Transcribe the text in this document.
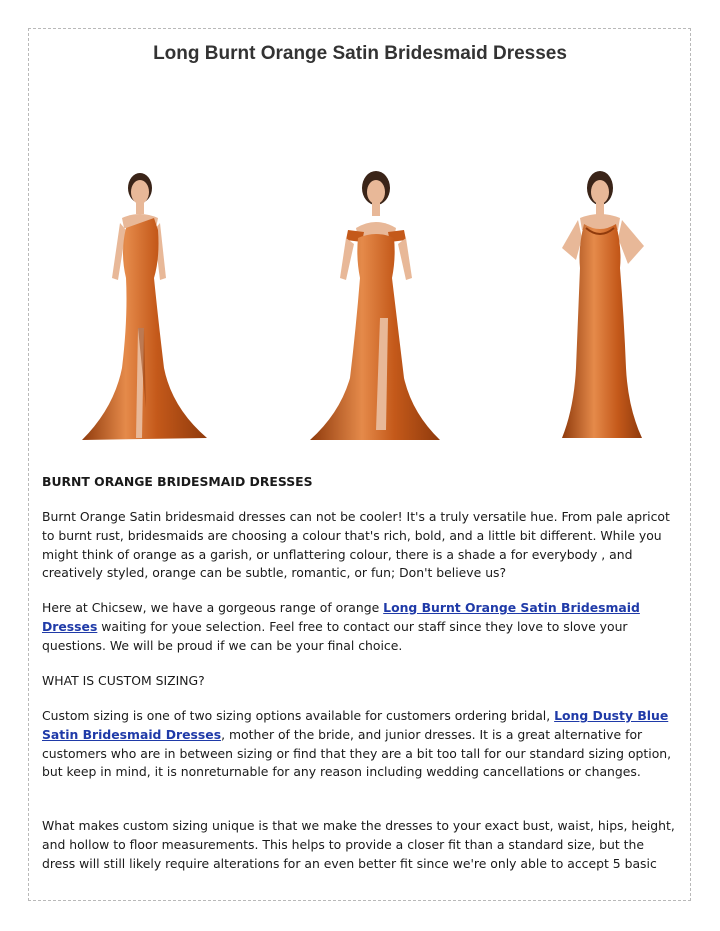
Long Burnt Orange Satin Bridesmaid Dresses
BURNT ORANGE BRIDESMAID DRESSES
Burnt Orange Satin bridesmaid dresses can not be cooler! It's a truly versatile hue. From pale apricot to burnt rust, bridesmaids are choosing a colour that's rich, bold, and a little bit different. While you might think of orange as a garish, or unflattering colour, there is a shade a for everybody , and creatively styled, orange can be subtle, romantic, or fun; Don't believe us?
Here at Chicsew, we have a gorgeous range of orange Long Burnt Orange Satin Bridesmaid Dresses waiting for youe selection. Feel free to contact our staff since they love to slove your questions. We will be proud if we can be your final choice.
WHAT IS CUSTOM SIZING?
Custom sizing is one of two sizing options available for customers ordering bridal, Long Dusty Blue Satin Bridesmaid Dresses, mother of the bride, and junior dresses. It is a great alternative for customers who are in between sizing or find that they are a bit too tall for our standard sizing option, but keep in mind, it is nonreturnable for any reason including wedding cancellations or changes.
What makes custom sizing unique is that we make the dresses to your exact bust, waist, hips, height, and hollow to floor measurements. This helps to provide a closer fit than a standard size, but the dress will still likely require alterations for an even better fit since we're only able to accept 5 basic
